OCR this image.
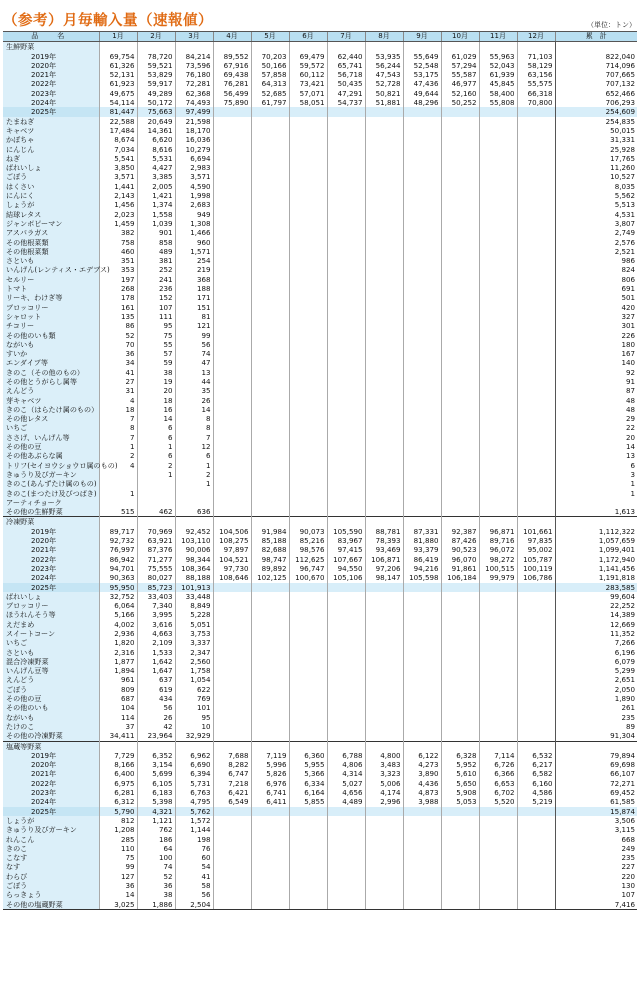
（参考）月毎輸入量（速報値）	（単位：トン）
品　名	1月	2月	3月	4月	5月	6月	7月	8月	9月	10月	11月	12月	累　計
生鮮野菜													
2019年	69,754	78,720	84,214	89,552	70,203	69,479	62,440	53,935	55,649	61,029	55,963	71,103	822,040
2020年	61,326	59,521	73,596	67,916	50,166	59,572	65,741	56,244	52,548	57,294	52,043	58,129	714,096
2021年	52,131	53,829	76,180	69,438	57,858	60,112	56,718	47,543	53,175	55,587	61,939	63,156	707,665
2022年	61,923	59,917	72,281	76,281	64,313	73,421	50,435	52,728	47,436	46,977	45,845	55,575	707,132
2023年	49,675	49,289	62,368	56,499	52,685	57,071	47,291	50,821	49,644	52,160	58,400	66,318	652,466
2024年	54,114	50,172	74,493	75,890	61,797	58,051	54,737	51,881	48,296	50,252	55,808	70,800	706,293
2025年	81,447	75,663	97,499										254,609
たまねぎ	22,588	20,649	21,598										254,835
キャベツ	17,484	14,361	18,170										50,015
かぼちゃ	8,674	6,620	16,036										31,331
にんじん	7,034	8,616	10,279										25,928
ねぎ	5,541	5,531	6,694										17,765
ばれいしょ	3,850	4,427	2,983										11,260
ごぼう	3,571	3,385	3,571										10,527
はくさい	1,441	2,005	4,590										8,035
にんにく	2,143	1,421	1,998										5,562
しょうが	1,456	1,374	2,683										5,513
結球レタス	2,023	1,558	949										4,531
ジャンボピーマン	1,459	1,039	1,308										3,807
アスパラガス	382	901	1,466										2,749
その他根菜類	758	858	960										2,576
その他根菜類	460	489	1,571										2,521
さといも	351	381	254										986
いんげん(レンティス・エデブス)	353	252	219										824
セルリー	197	241	368										806
トマト	268	236	188										691
リーキ、わけぎ等	178	152	171										501
ブロッコリー	161	107	151										420
シャロット	135	111	81										327
チコリー	86	95	121										301
その他のいも類	52	75	99										226
ながいも	70	55	56										180
すいか	36	57	74										167
エンダイブ等	34	59	47										140
きのこ（その他のもの）	41	38	13										92
その他とうがらし属等	27	19	44										91
えんどう	31	20	35										87
芽キャベツ	4	18	26										48
きのこ（はらたけ属のもの）	18	16	14										48
その他レタス	7	14	8										29
いちご	8	6	8										22
ささげ、いんげん等	7	6	7										20
その他の豆	1	1	12										14
その他あぶらな属	2	6	6										13
トリフ(セイヨウショウロ属のもの)	4	2	1										6
きゅうり及びガーキン		1	2										3
きのこ(あんずたけ属のもの)			1										1
きのこ(まつたけ及びつばき)	1												1
アーティチョーク													
その他の生鮮野菜	515	462	636										1,613
冷凍野菜													
2019年	89,717	70,969	92,452	104,506	91,984	90,073	105,590	88,781	87,331	92,387	96,871	101,661	1,112,322
2020年	92,732	63,921	103,110	108,275	85,188	85,216	83,967	78,393	81,880	87,426	89,716	97,835	1,057,659
2021年	76,997	87,376	90,006	97,897	82,688	98,576	97,415	93,469	93,379	90,523	96,072	95,002	1,099,401
2022年	86,942	71,277	98,344	104,521	98,747	112,625	107,667	106,871	86,419	96,070	98,272	105,787	1,172,940
2023年	94,701	75,555	108,364	97,730	89,892	96,747	94,550	97,206	94,216	91,861	100,515	100,119	1,141,456
2024年	90,363	80,027	88,188	108,646	102,125	100,670	105,106	98,147	105,598	106,184	99,979	106,786	1,191,818
2025年	95,950	85,723	101,913										283,585
ばれいしょ	32,752	33,403	33,448										99,604
ブロッコリー	6,064	7,340	8,849										22,252
ほうれんそう等	5,166	3,995	5,228										14,389
えだまめ	4,002	3,616	5,051										12,669
スイートコーン	2,936	4,663	3,753										11,352
いちご	1,820	2,109	3,337										7,266
さといも	2,316	1,533	2,347										6,196
混合冷凍野菜	1,877	1,642	2,560										6,079
いんげん豆等	1,894	1,647	1,758										5,299
えんどう	961	637	1,054										2,651
ごぼう	809	619	622										2,050
その他の豆	687	434	769										1,890
その他のいも	104	56	101										261
ながいも	114	26	95										235
たけのこ	37	42	10										89
その他の冷凍野菜	34,411	23,964	32,929										91,304
塩蔵等野菜													
2019年	7,729	6,352	6,962	7,688	7,119	6,360	6,788	4,800	6,122	6,328	7,114	6,532	79,894
2020年	8,166	3,154	6,690	8,282	5,996	5,955	4,806	3,483	4,273	5,952	6,726	6,217	69,698
2021年	6,400	5,699	6,394	6,747	5,826	5,366	4,314	3,323	3,890	5,610	6,366	6,582	66,107
2022年	6,975	6,105	5,731	7,218	6,976	6,334	5,027	5,006	4,436	5,650	6,653	6,160	72,271
2023年	6,281	6,183	6,763	6,421	6,741	6,164	4,656	4,174	4,873	5,908	6,702	4,586	69,452
2024年	6,312	5,398	4,795	6,549	6,411	5,855	4,489	2,996	3,988	5,053	5,520	5,219	61,585
2025年	5,790	4,321	5,762										15,874
しょうが	812	1,121	1,572										3,506
きゅうり及びガーキン	1,208	762	1,144										3,115
れんこん	285	186	198										668
きのこ	110	64	76										249
こなす	75	100	60										235
なす	99	74	54										227
わらび	127	52	41										220
ごぼう	36	36	58										130
らっきょう	14	38	56										107
その他の塩蔵野菜	3,025	1,886	2,504										7,416
